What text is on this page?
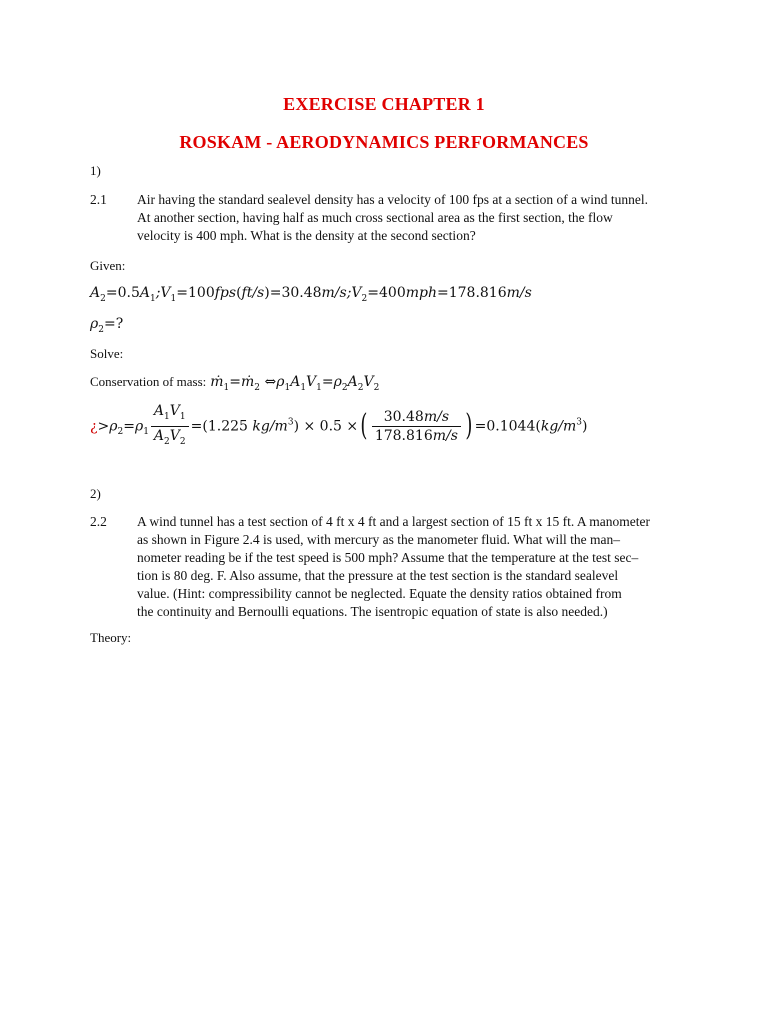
EXERCISE CHAPTER 1
ROSKAM - AERODYNAMICS PERFORMANCES
1)
2.1 Air having the standard sealevel density has a velocity of 100 fps at a section of a wind tunnel.
At another section, having half as much cross sectional area as the first section, the flow
velocity is 400 mph. What is the density at the second section?
Given:
$A_2=0.5A_1;V_1=100fps(ft/s)=30.48m/s;V_2=400mph=178.816m/s$
$\rho_2=$?
Solve:
Conservation of mass: ṁ$_1$=ṁ$_2$ $\Leftrightarrow\rho_1A_1V_1=\rho_2A_2V_2$
¿$>\rho_2=\rho_1 \frac{A_1V_1}{A_2V_2} =(1.225$ $kg/m^3) \times 0.5$ ×( $\frac{30.48m/s}{178.816m/s}$ ) $=0.1044(kg/m^3)$
2)
2.2 A wind tunnel has a test section of 4 ft x 4 ft and a largest section of 15 ft x 15 ft. A manometer
as shown in Figure 2.4 is used, with mercury as the manometer fluid. What will the man–
nometer reading be if the test speed is 500 mph? Assume that the temperature at the test sec–
tion is 80 deg. F. Also assume, that the pressure at the test section is the standard sealevel
value. (Hint: compressibility cannot be neglected. Equate the density ratios obtained from
the continuity and Bernoulli equations. The isentropic equation of state is also needed.)
Theory:
